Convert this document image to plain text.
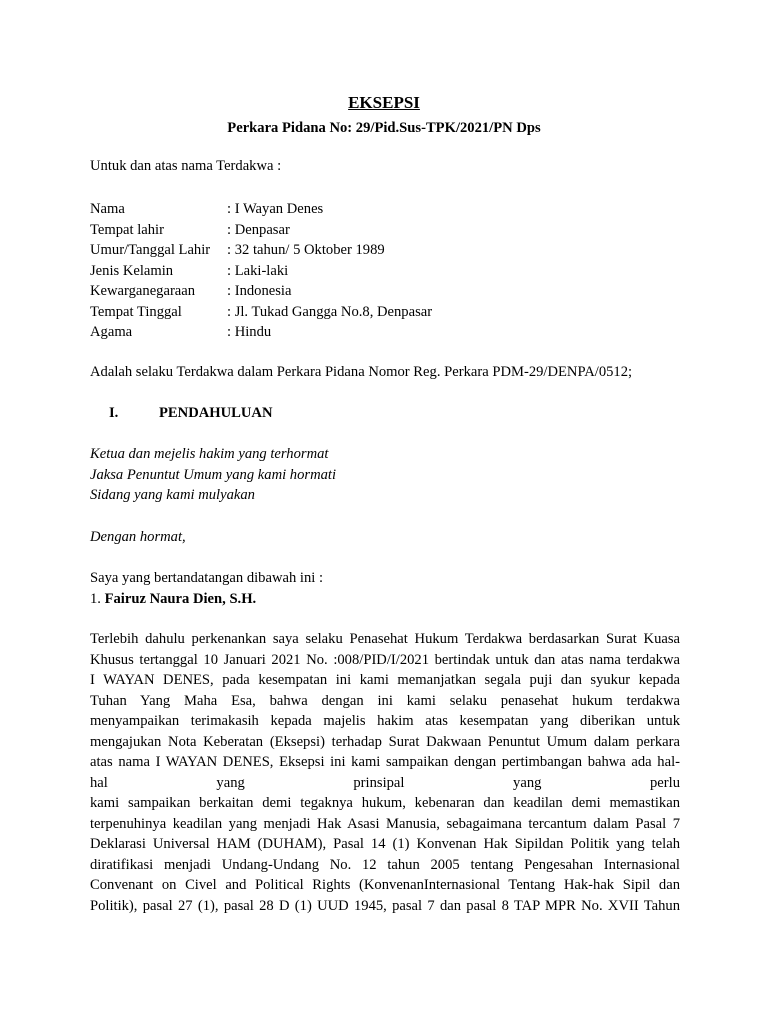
EKSEPSI
Perkara Pidana No: 29/Pid.Sus-TPK/2021/PN Dps
Untuk dan atas nama Terdakwa :
Nama	: I Wayan Denes
Tempat lahir	: Denpasar
Umur/Tanggal Lahir	: 32 tahun/ 5 Oktober 1989
Jenis Kelamin	: Laki-laki
Kewarganegaraan	: Indonesia
Tempat Tinggal	: Jl. Tukad Gangga No.8, Denpasar
Agama	: Hindu
Adalah selaku Terdakwa dalam Perkara Pidana Nomor Reg. Perkara PDM-29/DENPA/0512;
I.	PENDAHULUAN
Ketua dan mejelis hakim yang terhormat
Jaksa Penuntut Umum yang kami hormati
Sidang yang kami mulyakan
Dengan hormat,
Saya yang bertandatangan dibawah ini :
1. Fairuz Naura Dien, S.H.
Terlebih dahulu perkenankan saya selaku Penasehat Hukum Terdakwa berdasarkan Surat Kuasa
Khusus tertanggal 10 Januari 2021 No. :008/PID/I/2021 bertindak untuk dan atas nama terdakwa
I WAYAN DENES, pada kesempatan ini kami memanjatkan segala puji dan syukur kepada
Tuhan Yang Maha Esa, bahwa dengan ini kami selaku penasehat hukum terdakwa
menyampaikan terimakasih kepada majelis hakim atas kesempatan yang diberikan untuk
mengajukan Nota Keberatan (Eksepsi) terhadap Surat Dakwaan Penuntut Umum dalam perkara
atas nama I WAYAN DENES, Eksepsi ini kami sampaikan dengan pertimbangan bahwa ada hal-
hal yang prinsipal yang perlu
kami sampaikan berkaitan demi tegaknya hukum, kebenaran dan keadilan demi memastikan
terpenuhinya keadilan yang menjadi Hak Asasi Manusia, sebagaimana tercantum dalam Pasal 7
Deklarasi Universal HAM (DUHAM), Pasal 14 (1) Konvenan Hak Sipildan Politik yang telah
diratifikasi menjadi Undang-Undang No. 12 tahun 2005 tentang Pengesahan Internasional
Convenant on Civel and Political Rights (KonvenanInternasional Tentang Hak-hak Sipil dan
Politik), pasal 27 (1), pasal 28 D (1) UUD 1945, pasal 7 dan pasal 8 TAP MPR No. XVII Tahun
